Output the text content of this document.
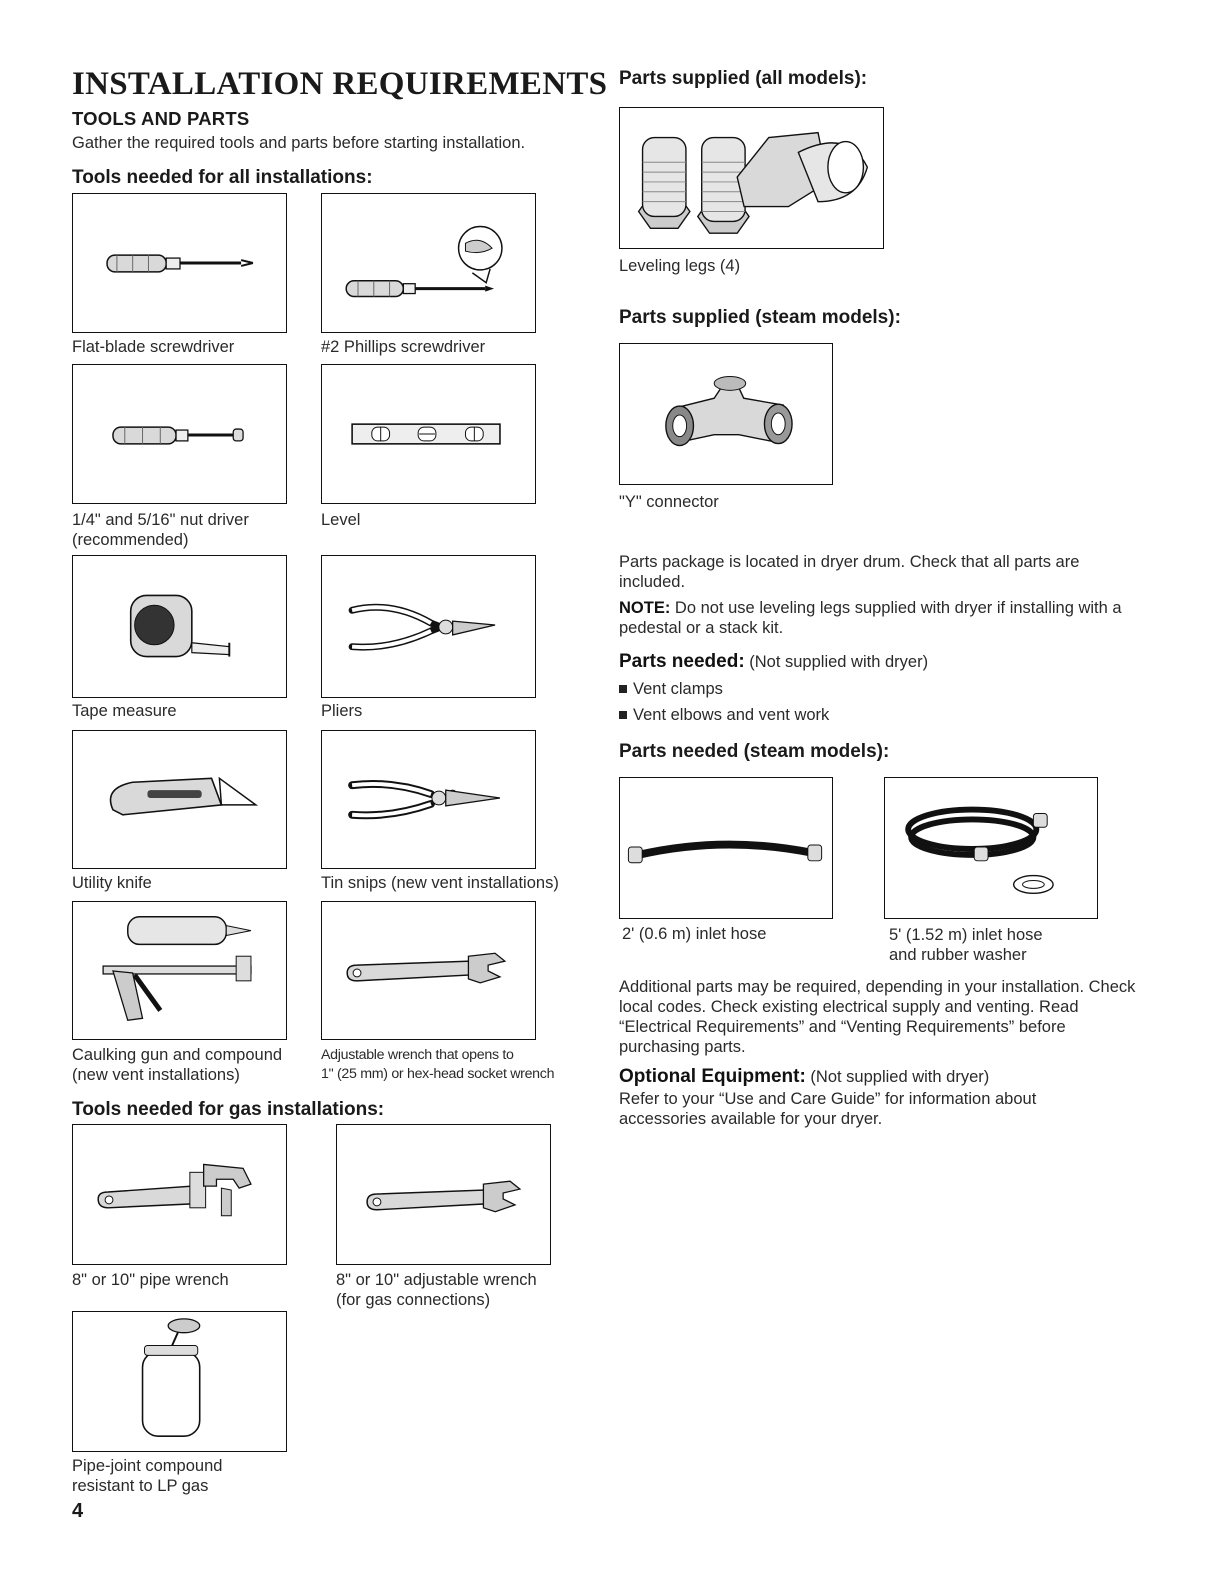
INSTALLATION REQUIREMENTS
TOOLS AND PARTS
Gather the required tools and parts before starting installation.
Tools needed for all installations:
Flat-blade screwdriver	#2 Phillips screwdriver
1/4" and 5/16" nut driver
(recommended)
Level
Tape measure	Pliers
Utility knife	Tin snips (new vent installations)
Caulking gun and compound
(new vent installations)
Adjustable wrench that opens to
1" (25 mm) or hex-head socket wrench
Tools needed for gas installations:
8" or 10" pipe wrench	8" or 10" adjustable wrench
(for gas connections)
Pipe-joint compound
resistant to LP gas
4
Parts supplied (all models):
Leveling legs (4)
Parts supplied (steam models):
"Y" connector
Parts package is located in dryer drum. Check that all parts are included.
NOTE: Do not use leveling legs supplied with dryer if installing with a pedestal or a stack kit.
Parts needed: (Not supplied with dryer)
Vent clamps
Vent elbows and vent work
Parts needed (steam models):
2' (0.6 m) inlet hose	5' (1.52 m) inlet hose
and rubber washer
Additional parts may be required, depending in your installation. Check local codes. Check existing electrical supply and venting. Read “Electrical Requirements” and “Venting Requirements” before purchasing parts.
Optional Equipment: (Not supplied with dryer)
Refer to your “Use and Care Guide” for information about accessories available for your dryer.
